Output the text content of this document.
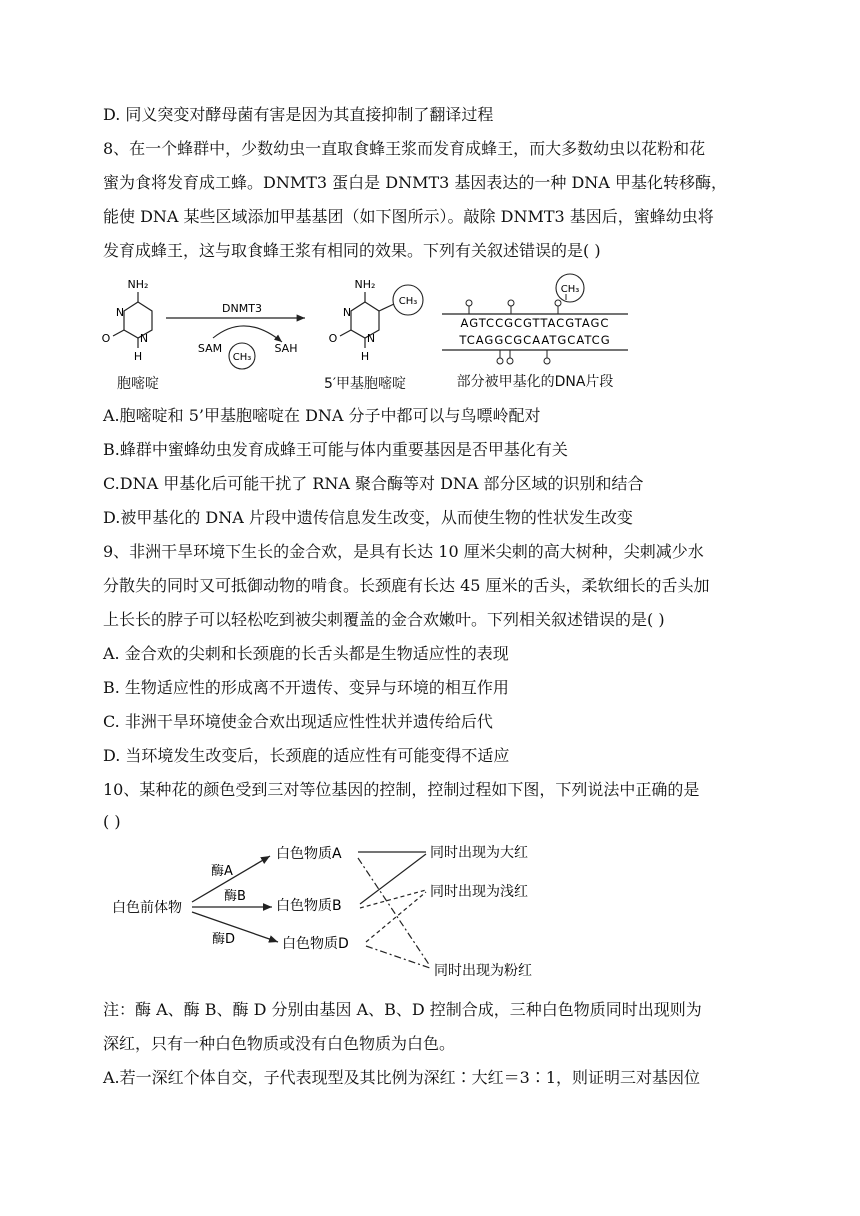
D. 同义突变对酵母菌有害是因为其直接抑制了翻译过程
8、在一个蜂群中，少数幼虫一直取食蜂王浆而发育成蜂王，而大多数幼虫以花粉和花
蜜为食将发育成工蜂。DNMT3 蛋白是 DNMT3 基因表达的一种 DNA 甲基化转移酶，
能使 DNA 某些区域添加甲基基团（如下图所示）。敲除 DNMT3 基因后，蜜蜂幼虫将
发育成蜂王，这与取食蜂王浆有相同的效果。下列有关叙述错误的是( )
NH₂
N
O	N
H
胞嘧啶
DNMT3
SAM	SAH
CH₃
NH₂
N
O	N
H
CH₃
5′甲基胞嘧啶
CH₃
AGTCCGCGTTACGTAGC
TCAGGCGCAATGCATCG
部分被甲基化的DNA片段
A.胞嘧啶和 5’甲基胞嘧啶在 DNA 分子中都可以与鸟嘌岭配对
B.蜂群中蜜蜂幼虫发育成蜂王可能与体内重要基因是否甲基化有关
C.DNA 甲基化后可能干扰了 RNA 聚合酶等对 DNA 部分区域的识别和结合
D.被甲基化的 DNA 片段中遗传信息发生改变，从而使生物的性状发生改变
9、非洲干旱环境下生长的金合欢，是具有长达 10 厘米尖刺的高大树种，尖刺减少水
分散失的同时又可抵御动物的啃食。长颈鹿有长达 45 厘米的舌头，柔软细长的舌头加
上长长的脖子可以轻松吃到被尖刺覆盖的金合欢嫩叶。下列相关叙述错误的是( )
A. 金合欢的尖刺和长颈鹿的长舌头都是生物适应性的表现
B. 生物适应性的形成离不开遗传、变异与环境的相互作用
C. 非洲干旱环境使金合欢出现适应性性状并遗传给后代
D. 当环境发生改变后，长颈鹿的适应性有可能变得不适应
10、某种花的颜色受到三对等位基因的控制，控制过程如下图，下列说法中正确的是
( )
白色前体物
酶A
酶B
酶D
白色物质A
白色物质B
白色物质D
同时出现为大红
同时出现为浅红
同时出现为粉红
注：酶 A、酶 B、酶 D 分别由基因 A、B、D 控制合成，三种白色物质同时出现则为
深红，只有一种白色物质或没有白色物质为白色。
A.若一深红个体自交，子代表现型及其比例为深红∶大红＝3∶1，则证明三对基因位
